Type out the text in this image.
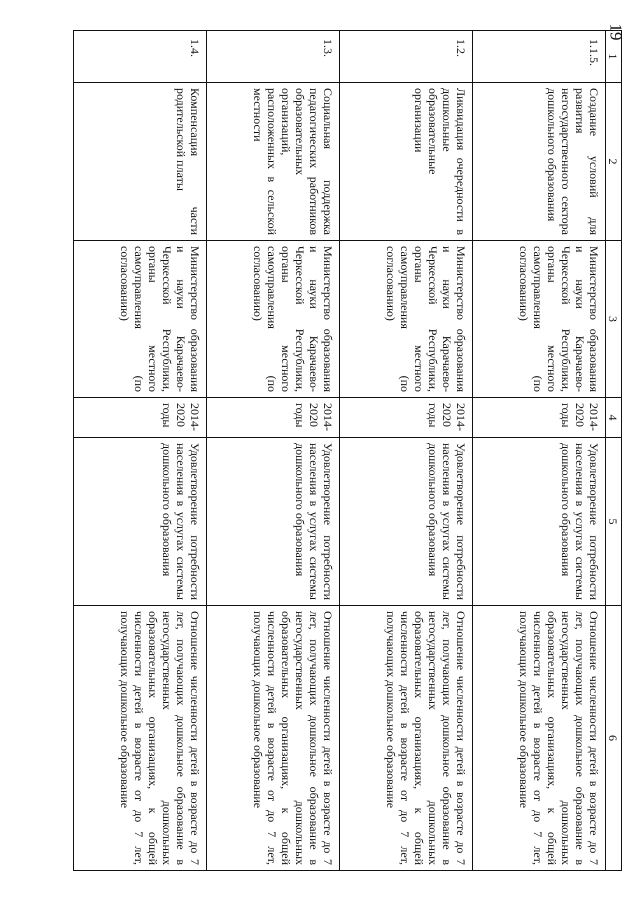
19
1	2	3	4	5	6
1.1.5.	Создание условий для развития негосударственного сектора дошкольного образования	Министерство образования и науки Карачаево-Черкесской Республики, органы местного самоуправления (по согласованию)	2014-2020 годы	Удовлетворение потребности населения в услугах системы дошкольного образования	Отношение численности детей в возрасте до 7 лет, получающих дошкольное образование в негосударственных дошкольных образовательных организациях, к общей численности детей в возрасте от до 7 лет, получающих дошкольное образование
1.2.	Ликвидация очередности в дошкольные образовательные организации	Министерство образования и науки Карачаево-Черкесской Республики, органы местного самоуправления (по согласованию)	2014-2020 годы	Удовлетворение потребности населения в услугах системы дошкольного образования	Отношение численности детей в возрасте до 7 лет, получающих дошкольное образование в негосударственных дошкольных образовательных организациях, к общей численности детей в возрасте от до 7 лет, получающих дошкольное образование
1.3.	Социальная поддержка педагогических работников образовательных организаций, расположенных в сельской местности	Министерство образования и науки Карачаево-Черкесской Республики, органы местного самоуправления (по согласованию)	2014-2020 годы	Удовлетворение потребности населения в услугах системы дошкольного образования	Отношение численности детей в возрасте до 7 лет, получающих дошкольное образование в негосударственных дошкольных образовательных организациях, к общей численности детей в возрасте от до 7 лет, получающих дошкольное образование
1.4.	Компенсация части родительской платы	Министерство образования и науки Карачаево-Черкесской Республики, органы местного самоуправления (по согласованию)	2014-2020 годы	Удовлетворение потребности населения в услугах системы дошкольного образования	Отношение численности детей в возрасте до 7 лет, получающих дошкольное образование в негосударственных дошкольных образовательных организациях, к общей численности детей в возрасте от до 7 лет, получающих дошкольное образование
